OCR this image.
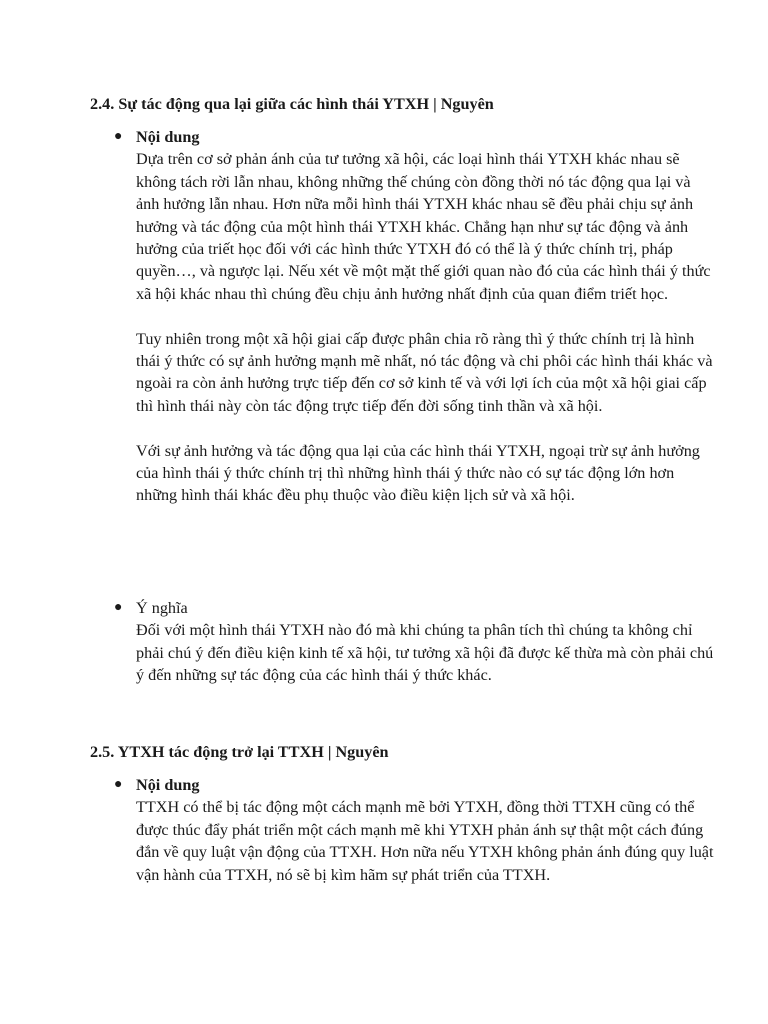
2.4. Sự tác động qua lại giữa các hình thái YTXH | Nguyên
● Nội dung

Dựa trên cơ sở phản ánh của tư tưởng xã hội, các loại hình thái YTXH khác nhau sẽ không tách rời lẫn nhau, không những thế chúng còn đồng thời nó tác động qua lại và ảnh hưởng lẫn nhau. Hơn nữa mỗi hình thái YTXH khác nhau sẽ đều phải chịu sự ảnh hưởng và tác động của một hình thái YTXH khác. Chẳng hạn như sự tác động và ảnh hưởng của triết học đối với các hình thức YTXH đó có thể là ý thức chính trị, pháp quyền…, và ngược lại. Nếu xét về một mặt thế giới quan nào đó của các hình thái ý thức xã hội khác nhau thì chúng đều chịu ảnh hưởng nhất định của quan điểm triết học.

Tuy nhiên trong một xã hội giai cấp được phân chia rõ ràng thì ý thức chính trị là hình thái ý thức có sự ảnh hưởng mạnh mẽ nhất, nó tác động và chi phôi các hình thái khác và ngoài ra còn ảnh hưởng trực tiếp đến cơ sở kinh tế và với lợi ích của một xã hội giai cấp thì hình thái này còn tác động trực tiếp đến đời sống tinh thần và xã hội.

Với sự ảnh hưởng và tác động qua lại của các hình thái YTXH, ngoại trừ sự ảnh hưởng của hình thái ý thức chính trị thì những hình thái ý thức nào có sự tác động lớn hơn những hình thái khác đều phụ thuộc vào điều kiện lịch sử và xã hội.

● Ý nghĩa

Đối với một hình thái YTXH nào đó mà khi chúng ta phân tích thì chúng ta không chỉ phải chú ý đến điều kiện kinh tế xã hội, tư tưởng xã hội đã được kế thừa mà còn phải chú ý đến những sự tác động của các hình thái ý thức khác.

2.5. YTXH tác động trở lại TTXH | Nguyên
● Nội dung

TTXH có thể bị tác động một cách mạnh mẽ bởi YTXH, đồng thời TTXH cũng có thể được thúc đẩy phát triển một cách mạnh mẽ khi YTXH phản ánh sự thật một cách đúng đắn về quy luật vận động của TTXH. Hơn nữa nếu YTXH không phản ánh đúng quy luật vận hành của TTXH, nó sẽ bị kìm hãm sự phát triển của TTXH.
